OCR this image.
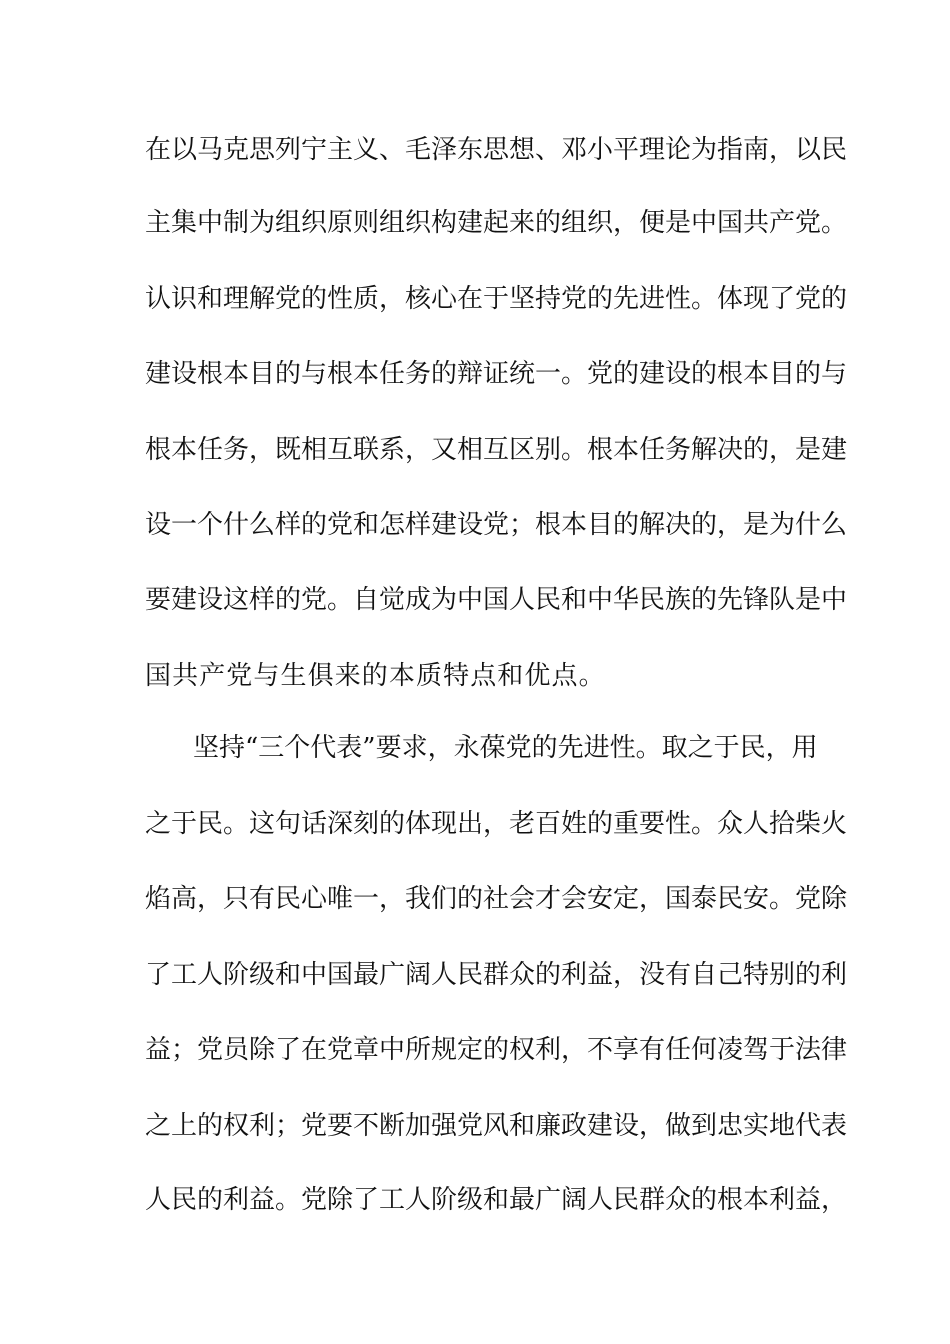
在以马克思列宁主义、毛泽东思想、邓小平理论为指南，以民
主集中制为组织原则组织构建起来的组织，便是中国共产党。
认识和理解党的性质，核心在于坚持党的先进性。体现了党的
建设根本目的与根本任务的辩证统一。党的建设的根本目的与
根本任务，既相互联系，又相互区别。根本任务解决的，是建
设一个什么样的党和怎样建设党；根本目的解决的，是为什么
要建设这样的党。自觉成为中国人民和中华民族的先锋队是中
国共产党与生俱来的本质特点和优点。
坚持“三个代表”要求，永葆党的先进性。取之于民，用
之于民。这句话深刻的体现出，老百姓的重要性。众人拾柴火
焰高，只有民心唯一，我们的社会才会安定，国泰民安。党除
了工人阶级和中国最广阔人民群众的利益，没有自己特别的利
益；党员除了在党章中所规定的权利，不享有任何凌驾于法律
之上的权利；党要不断加强党风和廉政建设，做到忠实地代表
人民的利益。党除了工人阶级和最广阔人民群众的根本利益，
